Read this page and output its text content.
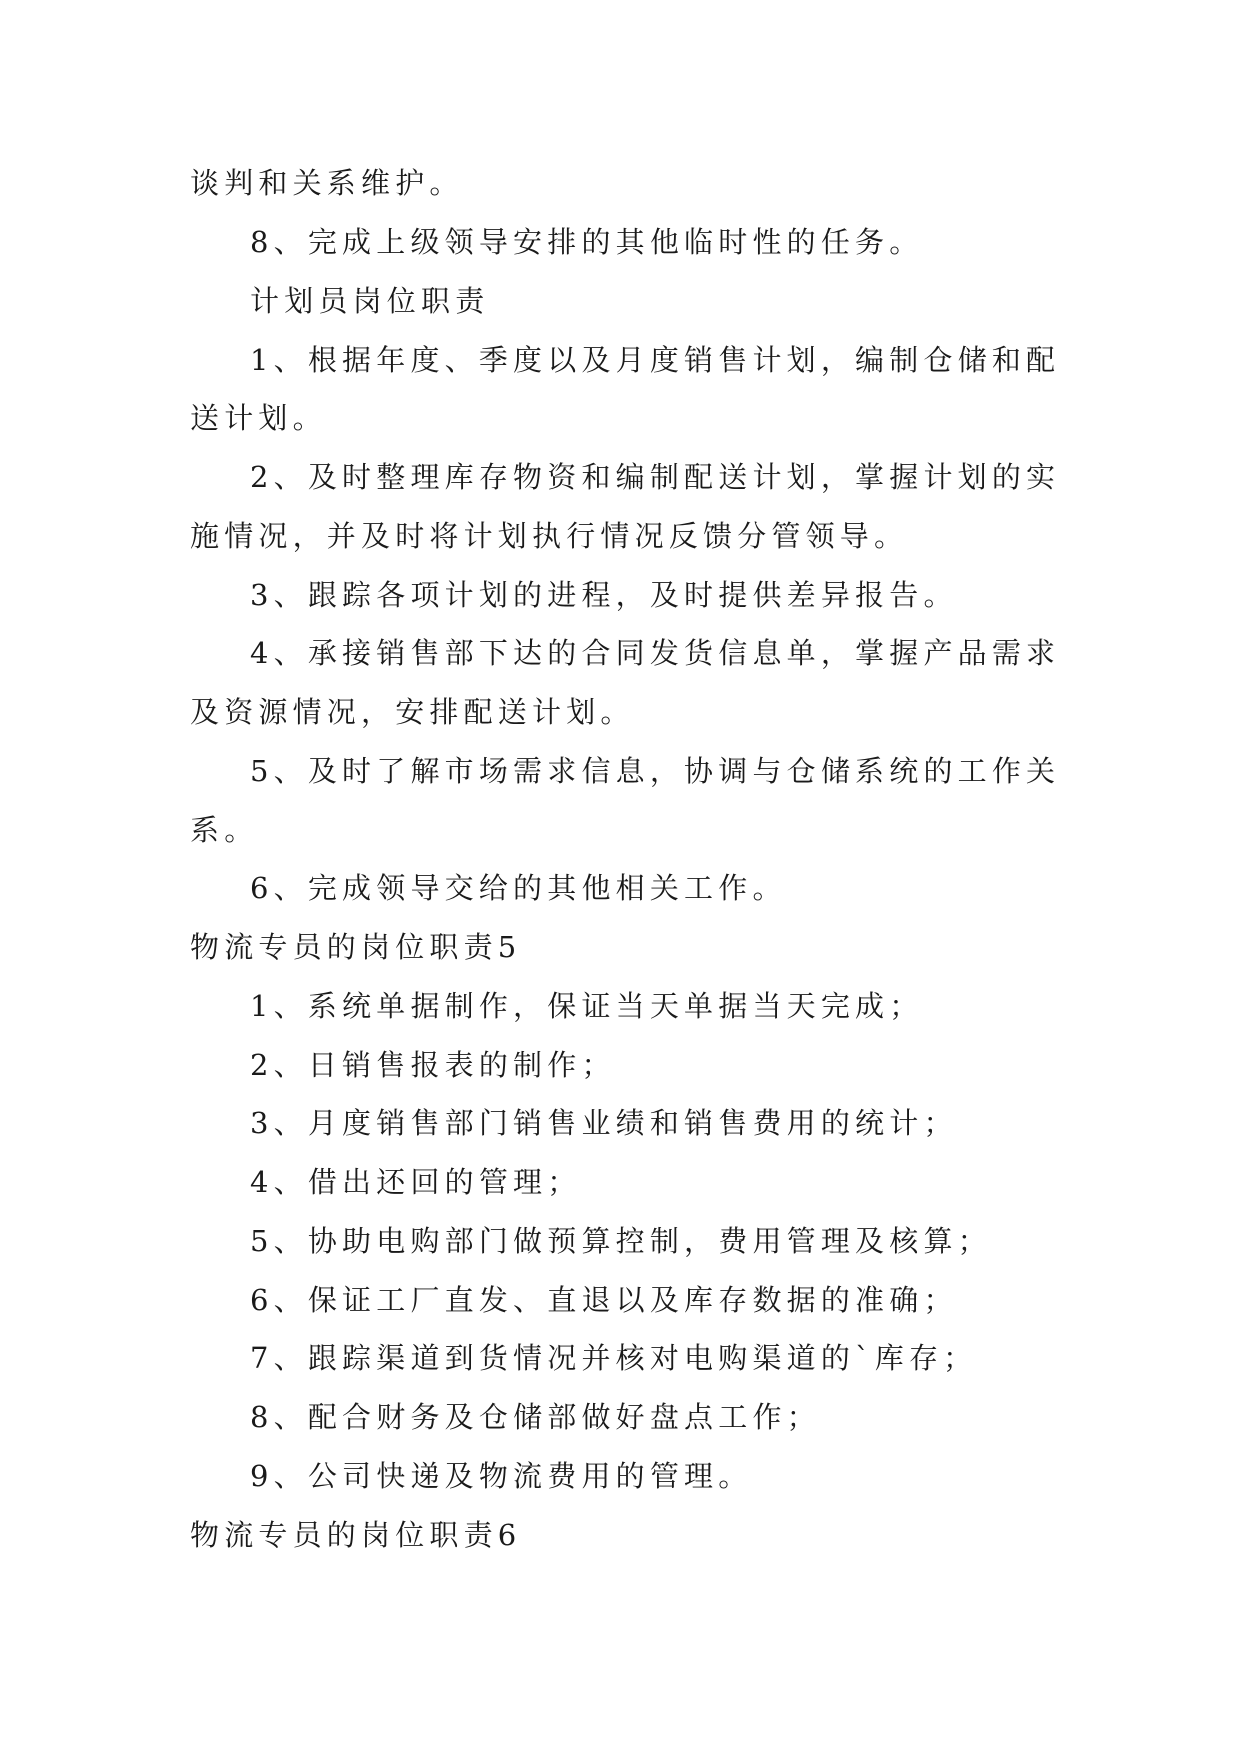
谈判和关系维护。
8、完成上级领导安排的其他临时性的任务。
计划员岗位职责
1、根据年度、季度以及月度销售计划，编制仓储和配
送计划。
2、及时整理库存物资和编制配送计划，掌握计划的实
施情况，并及时将计划执行情况反馈分管领导。
3、跟踪各项计划的进程，及时提供差异报告。
4、承接销售部下达的合同发货信息单，掌握产品需求
及资源情况，安排配送计划。
5、及时了解市场需求信息，协调与仓储系统的工作关
系。
6、完成领导交给的其他相关工作。
物流专员的岗位职责5
1、系统单据制作，保证当天单据当天完成；
2、日销售报表的制作；
3、月度销售部门销售业绩和销售费用的统计；
4、借出还回的管理；
5、协助电购部门做预算控制，费用管理及核算；
6、保证工厂直发、直退以及库存数据的准确；
7、跟踪渠道到货情况并核对电购渠道的`库存；
8、配合财务及仓储部做好盘点工作；
9、公司快递及物流费用的管理。
物流专员的岗位职责6
